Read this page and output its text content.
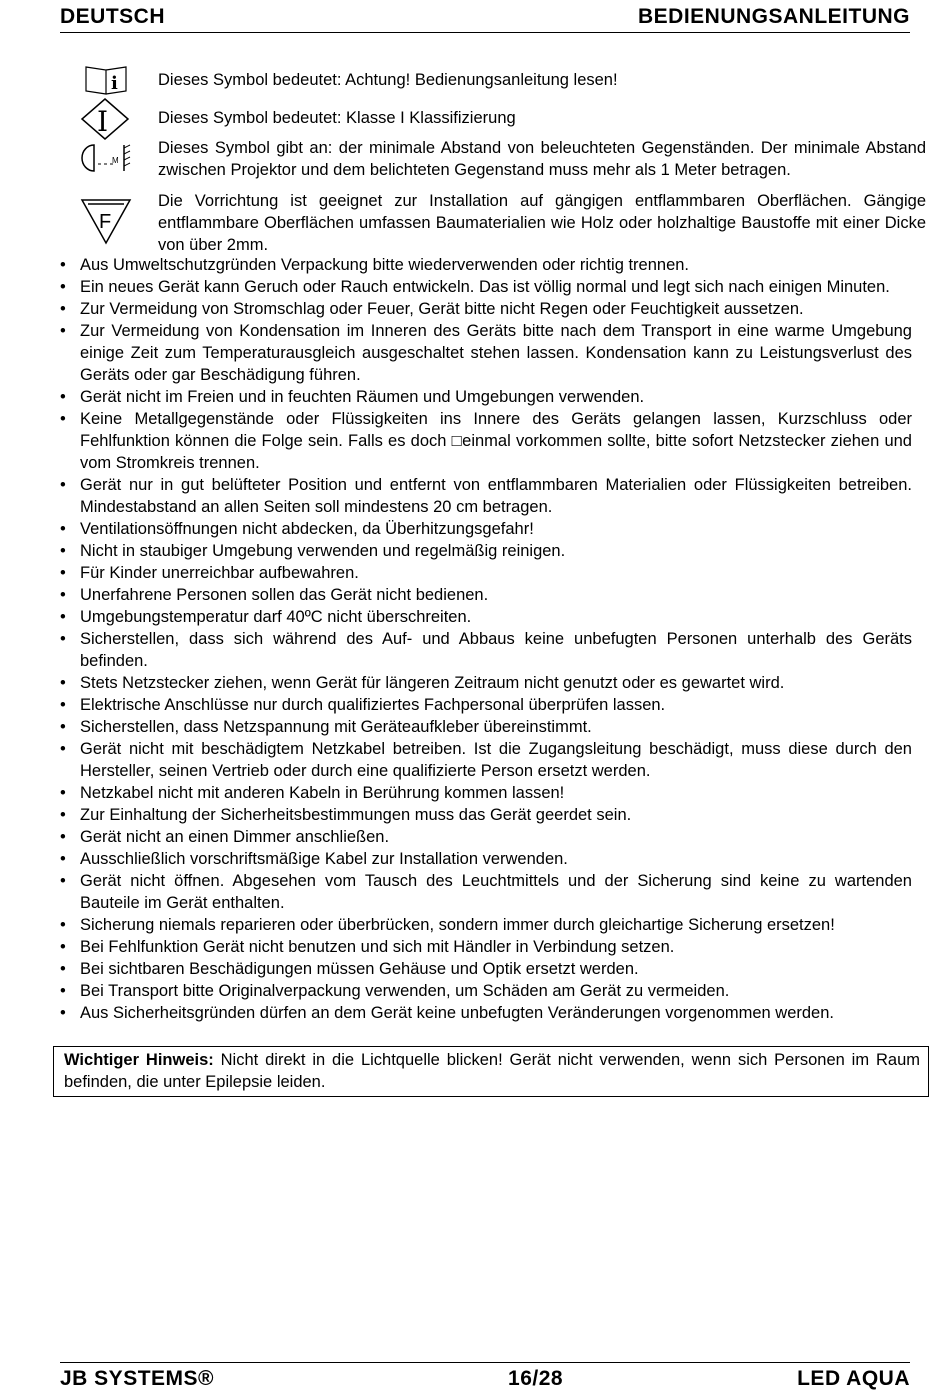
DEUTSCH	BEDIENUNGSANLEITUNG
i Dieses Symbol bedeutet: Achtung! Bedienungsanleitung lesen!
I	Dieses Symbol bedeutet: Klasse I Klassifizierung
M
Dieses Symbol gibt an: der minimale Abstand von beleuchteten Gegenständen. Der minimale Abstand zwischen Projektor und dem belichteten Gegenstand muss mehr als 1 Meter betragen.
F
Die Vorrichtung ist geeignet zur Installation auf gängigen entflammbaren Oberflächen. Gängige entflammbare Oberflächen umfassen Baumaterialien wie Holz oder holzhaltige Baustoffe mit einer Dicke von über 2mm.
• Aus Umweltschutzgründen Verpackung bitte wiederverwenden oder richtig trennen.
• Ein neues Gerät kann Geruch oder Rauch entwickeln. Das ist völlig normal und legt sich nach einigen Minuten.
• Zur Vermeidung von Stromschlag oder Feuer, Gerät bitte nicht Regen oder Feuchtigkeit aussetzen.
• Zur Vermeidung von Kondensation im Inneren des Geräts bitte nach dem Transport in eine warme Umgebung einige Zeit zum Temperaturausgleich ausgeschaltet stehen lassen. Kondensation kann zu Leistungsverlust des Geräts oder gar Beschädigung führen.
• Gerät nicht im Freien und in feuchten Räumen und Umgebungen verwenden.
• Keine Metallgegenstände oder Flüssigkeiten ins Innere des Geräts gelangen lassen, Kurzschluss oder Fehlfunktion können die Folge sein. Falls es doch □einmal vorkommen sollte, bitte sofort Netzstecker ziehen und vom Stromkreis trennen.
• Gerät nur in gut belüfteter Position und entfernt von entflammbaren Materialien oder Flüssigkeiten betreiben. Mindestabstand an allen Seiten soll mindestens 20 cm betragen.
• Ventilationsöffnungen nicht abdecken, da Überhitzungsgefahr!
• Nicht in staubiger Umgebung verwenden und regelmäßig reinigen.
• Für Kinder unerreichbar aufbewahren.
• Unerfahrene Personen sollen das Gerät nicht bedienen.
• Umgebungstemperatur darf 40ºC nicht überschreiten.
• Sicherstellen, dass sich während des Auf- und Abbaus keine unbefugten Personen unterhalb des Geräts befinden.
• Stets Netzstecker ziehen, wenn Gerät für längeren Zeitraum nicht genutzt oder es gewartet wird.
• Elektrische Anschlüsse nur durch qualifiziertes Fachpersonal überprüfen lassen.
• Sicherstellen, dass Netzspannung mit Geräteaufkleber übereinstimmt.
• Gerät nicht mit beschädigtem Netzkabel betreiben. Ist die Zugangsleitung beschädigt, muss diese durch den Hersteller, seinen Vertrieb oder durch eine qualifizierte Person ersetzt werden.
• Netzkabel nicht mit anderen Kabeln in Berührung kommen lassen!
• Zur Einhaltung der Sicherheitsbestimmungen muss das Gerät geerdet sein.
• Gerät nicht an einen Dimmer anschließen.
• Ausschließlich vorschriftsmäßige Kabel zur Installation verwenden.
• Gerät nicht öffnen. Abgesehen vom Tausch des Leuchtmittels und der Sicherung sind keine zu wartenden Bauteile im Gerät enthalten.
• Sicherung niemals reparieren oder überbrücken, sondern immer durch gleichartige Sicherung ersetzen!
• Bei Fehlfunktion Gerät nicht benutzen und sich mit Händler in Verbindung setzen.
• Bei sichtbaren Beschädigungen müssen Gehäuse und Optik ersetzt werden.
• Bei Transport bitte Originalverpackung verwenden, um Schäden am Gerät zu vermeiden.
• Aus Sicherheitsgründen dürfen an dem Gerät keine unbefugten Veränderungen vorgenommen werden.
Wichtiger Hinweis: Nicht direkt in die Lichtquelle blicken! Gerät nicht verwenden, wenn sich Personen im Raum befinden, die unter Epilepsie leiden.
JB SYSTEMS®	16/28	LED AQUA
